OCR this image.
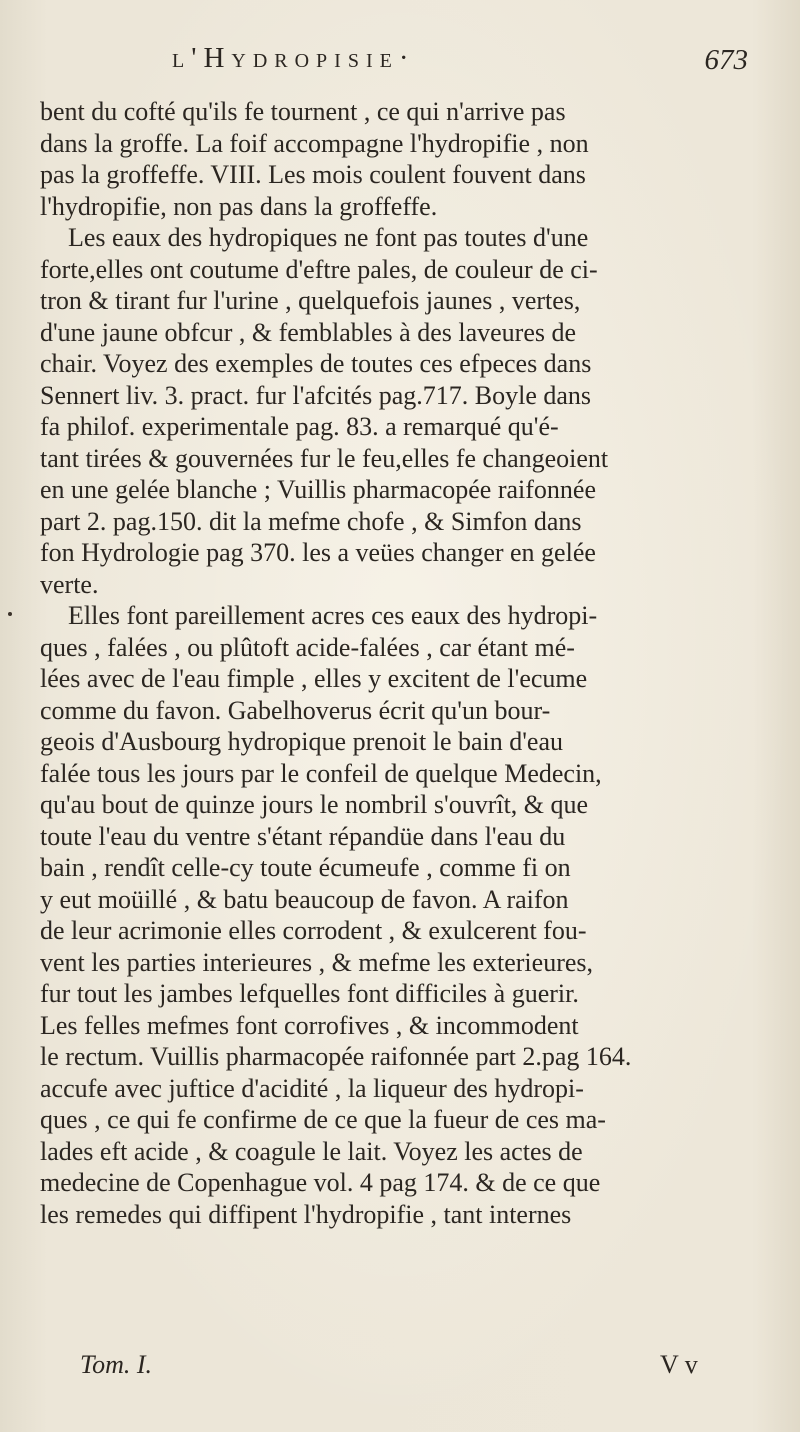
l'Hydropisie·	673
bent du cofté qu'ils fe tournent , ce qui n'arrive pas
dans la groffe. La foif accompagne l'hydropifie , non
pas la groffeffe. VIII. Les mois coulent fouvent dans
l'hydropifie, non pas dans la groffeffe.
Les eaux des hydropiques ne font pas toutes d'une
forte,elles ont coutume d'eftre pales, de couleur de ci-
tron & tirant fur l'urine , quelquefois jaunes , vertes,
d'une jaune obfcur , & femblables à des laveures de
chair. Voyez des exemples de toutes ces efpeces dans
Sennert liv. 3. pract. fur l'afcités pag.717. Boyle dans
fa philof. experimentale pag. 83. a remarqué qu'é-
tant tirées & gouvernées fur le feu,elles fe changeoient
en une gelée blanche ; Vuillis pharmacopée raifonnée
part 2. pag.150. dit la mefme chofe , & Simfon dans
fon Hydrologie pag 370. les a veües changer en gelée
verte.
Elles font pareillement acres ces eaux des hydropi-
ques , falées , ou plûtoft acide-falées , car étant mé-
lées avec de l'eau fimple , elles y excitent de l'ecume
comme du favon. Gabelhoverus écrit qu'un bour-
geois d'Ausbourg hydropique prenoit le bain d'eau
falée tous les jours par le confeil de quelque Medecin,
qu'au bout de quinze jours le nombril s'ouvrît, & que
toute l'eau du ventre s'étant répandüe dans l'eau du
bain , rendît celle-cy toute écumeufe , comme fi on
y eut moüillé , & batu beaucoup de favon. A raifon
de leur acrimonie elles corrodent , & exulcerent fou-
vent les parties interieures , & mefme les exterieures,
fur tout les jambes lefquelles font difficiles à guerir.
Les felles mefmes font corrofives , & incommodent
le rectum. Vuillis pharmacopée raifonnée part 2.pag 164.
accufe avec juftice d'acidité , la liqueur des hydropi-
ques , ce qui fe confirme de ce que la fueur de ces ma-
lades eft acide , & coagule le lait. Voyez les actes de
medecine de Copenhague vol. 4 pag 174. & de ce que
les remedes qui diffipent l'hydropifie , tant internes
Tom. I.	V v
